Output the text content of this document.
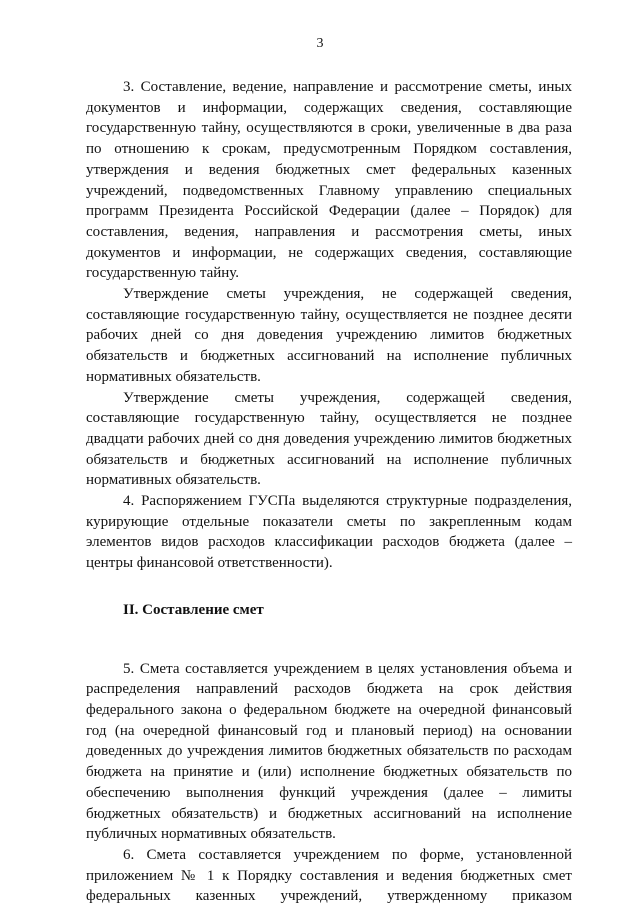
3

3. Составление, ведение, направление и рассмотрение сметы, иных документов и информации, содержащих сведения, составляющие государственную тайну, осуществляются в сроки, увеличенные в два раза по отношению к срокам, предусмотренным Порядком составления, утверждения и ведения бюджетных смет федеральных казенных учреждений, подведомственных Главному управлению специальных программ Президента Российской Федерации (далее – Порядок) для составления, ведения, направления и рассмотрения сметы, иных документов и информации, не содержащих сведения, составляющие государственную тайну.

Утверждение сметы учреждения, не содержащей сведения, составляющие государственную тайну, осуществляется не позднее десяти рабочих дней со дня доведения учреждению лимитов бюджетных обязательств и бюджетных ассигнований на исполнение публичных нормативных обязательств.

Утверждение сметы учреждения, содержащей сведения, составляющие государственную тайну, осуществляется не позднее двадцати рабочих дней со дня доведения учреждению лимитов бюджетных обязательств и бюджетных ассигнований на исполнение публичных нормативных обязательств.

4. Распоряжением ГУСПа выделяются структурные подразделения, курирующие отдельные показатели сметы по закрепленным кодам элементов видов расходов классификации расходов бюджета (далее – центры финансовой ответственности).

II. Составление смет

5. Смета составляется учреждением в целях установления объема и распределения направлений расходов бюджета на срок действия федерального закона о федеральном бюджете на очередной финансовый год (на очередной финансовый год и плановый период) на основании доведенных до учреждения лимитов бюджетных обязательств по расходам бюджета на принятие и (или) исполнение бюджетных обязательств по обеспечению выполнения функций учреждения (далее – лимиты бюджетных обязательств) и бюджетных ассигнований на исполнение публичных нормативных обязательств.

6. Смета составляется учреждением по форме, установленной приложением № 1 к Порядку составления и ведения бюджетных смет федеральных казенных учреждений, утвержденному приказом
